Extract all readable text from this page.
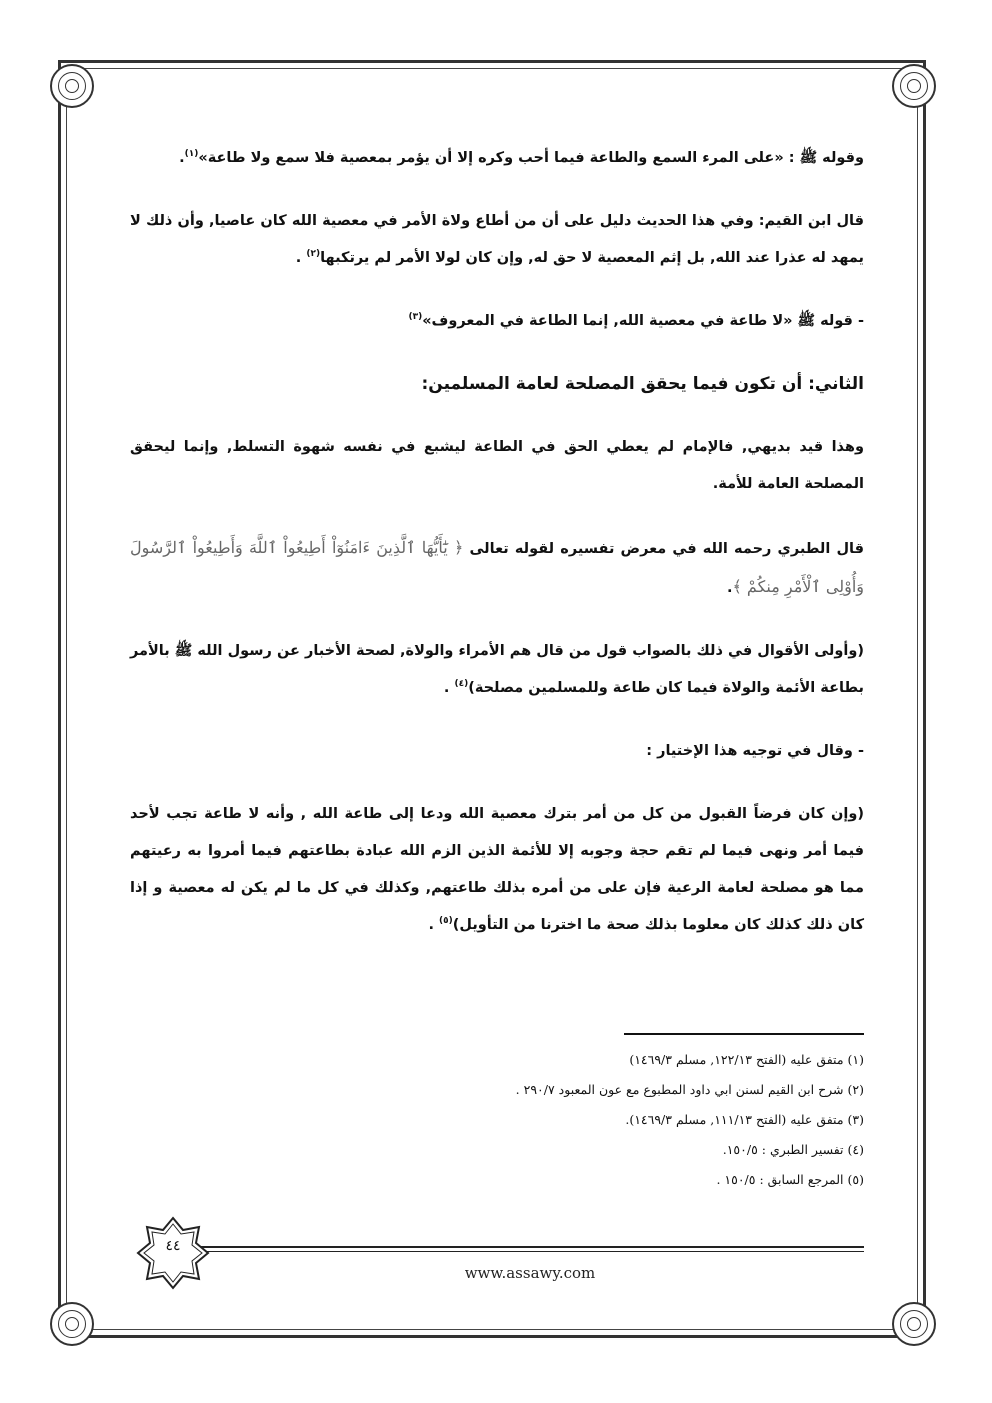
وقوله ﷺ : «على المرء السمع والطاعة فيما أحب وكره إلا أن يؤمر بمعصية فلا سمع ولا طاعة»$^{(١)}$.

قال ابن القيم: وفي هذا الحديث دليل على أن من أطاع ولاة الأمر في معصية الله كان عاصيا, وأن ذلك لا يمهد له عذرا عند الله, بل إثم المعصية لا حق له, وإن كان لولا الأمر لم يرتكبها$^{(٢)}$ .

- قوله ﷺ «لا طاعة في معصية الله, إنما الطاعة في المعروف»$^{(٣)}$

الثاني: أن تكون فيما يحقق المصلحة لعامة المسلمين:

وهذا قيد بديهي, فالإمام لم يعطي الحق في الطاعة ليشبع في نفسه شهوة التسلط, وإنما ليحقق المصلحة العامة للأمة.

قال الطبري رحمه الله في معرض تفسيره لقوله تعالى ﴿ يَٰٓأَيُّهَا ٱلَّذِينَ ءَامَنُوٓاْ أَطِيعُواْ ٱللَّهَ وَأَطِيعُواْ ٱلرَّسُولَ وَأُوْلِى ٱلْأَمْرِ مِنكُمْ ﴾.

(وأولى الأقوال في ذلك بالصواب قول من قال هم الأمراء والولاة, لصحة الأخبار عن رسول الله ﷺ بالأمر بطاعة الأئمة والولاة فيما كان طاعة وللمسلمين مصلحة)$^{(٤)}$ .

- وقال في توجيه هذا الإختيار :

(وإن كان فرضاً القبول من كل من أمر بترك معصية الله ودعا إلى طاعة الله , وأنه لا طاعة تجب لأحد فيما أمر ونهى فيما لم تقم حجة وجوبه إلا للأئمة الذين الزم الله عبادة بطاعتهم فيما أمروا به رعيتهم مما هو مصلحة لعامة الرعية فإن على من أمره بذلك طاعتهم, وكذلك في كل ما لم يكن له معصية و إذا كان ذلك كذلك كان معلوما بذلك صحة ما اخترنا من التأويل)$^{(٥)}$ .

(١) متفق عليه (الفتح ١٢٢/١٣, مسلم ١٤٦٩/٣)

(٢) شرح ابن القيم لسنن ابي داود المطبوع مع عون المعبود ٢٩٠/٧ .

(٣) متفق عليه (الفتح ١١١/١٣, مسلم ١٤٦٩/٣).

(٤) تفسير الطبري : ١٥٠/٥.

(٥) المرجع السابق : ١٥٠/٥ .

٤٤
www.assawy.com
